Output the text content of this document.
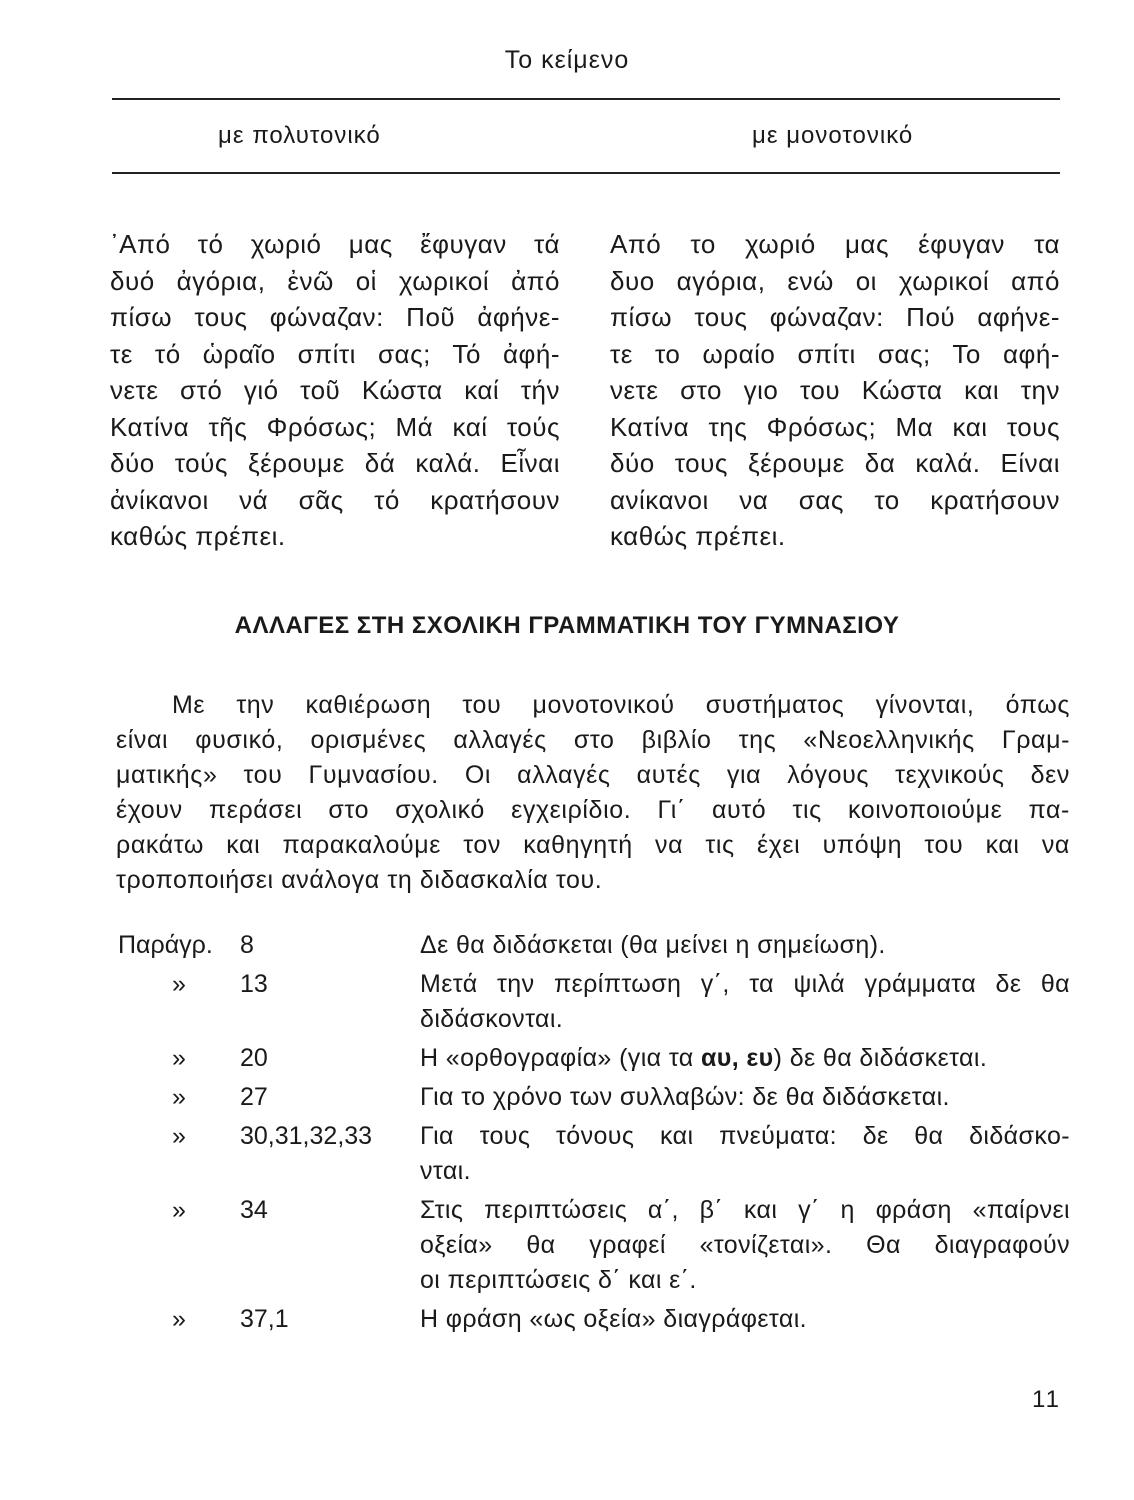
Το κείμενο
με πολυτονικό	με μονοτονικό
᾿Από τό χωριό μας ἔφυγαν τά
δυό ἀγόρια, ἐνῶ οἱ χωρικοί ἀπό
πίσω τους φώναζαν: Ποῦ ἀφήνε-
τε τό ὡραῖο σπίτι σας; Τό ἀφή-
νετε στό γιό τοῦ Κώστα καί τήν
Κατίνα τῆς Φρόσως; Μά καί τούς
δύο τούς ξέρουμε δά καλά. Εἶναι
ἀνίκανοι νά σᾶς τό κρατήσουν
καθώς πρέπει.
Από το χωριό μας έφυγαν τα
δυο αγόρια, ενώ οι χωρικοί από
πίσω τους φώναζαν: Πού αφήνε-
τε το ωραίο σπίτι σας; Το αφή-
νετε στο γιο του Κώστα και την
Κατίνα της Φρόσως; Μα και τους
δύο τους ξέρουμε δα καλά. Είναι
ανίκανοι να σας το κρατήσουν
καθώς πρέπει.
ΑΛΛΑΓΕΣ ΣΤΗ ΣΧΟΛΙΚΗ ΓΡΑΜΜΑΤΙΚΗ ΤΟΥ ΓΥΜΝΑΣΙΟΥ
Με την καθιέρωση του μονοτονικού συστήματος γίνονται, όπως
είναι φυσικό, ορισμένες αλλαγές στο βιβλίο της «Νεοελληνικής Γραμ-
ματικής» του Γυμνασίου. Οι αλλαγές αυτές για λόγους τεχνικούς δεν
έχουν περάσει στο σχολικό εγχειρίδιο. Γι΄ αυτό τις κοινοποιούμε πα-
ρακάτω και παρακαλούμε τον καθηγητή να τις έχει υπόψη του και να
τροποποιήσει ανάλογα τη διδασκαλία του.
Παράγρ.	8	Δε θα διδάσκεται (θα μείνει η σημείωση).
»	13	Μετά την περίπτωση γ΄, τα ψιλά γράμματα δε θα
διδάσκονται.
»	20	Η «ορθογραφία» (για τα αυ, ευ) δε θα διδάσκεται.
»	27	Για το χρόνο των συλλαβών: δε θα διδάσκεται.
»	30,31,32,33	Για τους τόνους και πνεύματα: δε θα διδάσκο-
νται.
»	34	Στις περιπτώσεις α΄, β΄ και γ΄ η φράση «παίρνει
οξεία» θα γραφεί «τονίζεται». Θα διαγραφούν
οι περιπτώσεις δ΄ και ε΄.
»	37,1	Η φράση «ως οξεία» διαγράφεται.
11
